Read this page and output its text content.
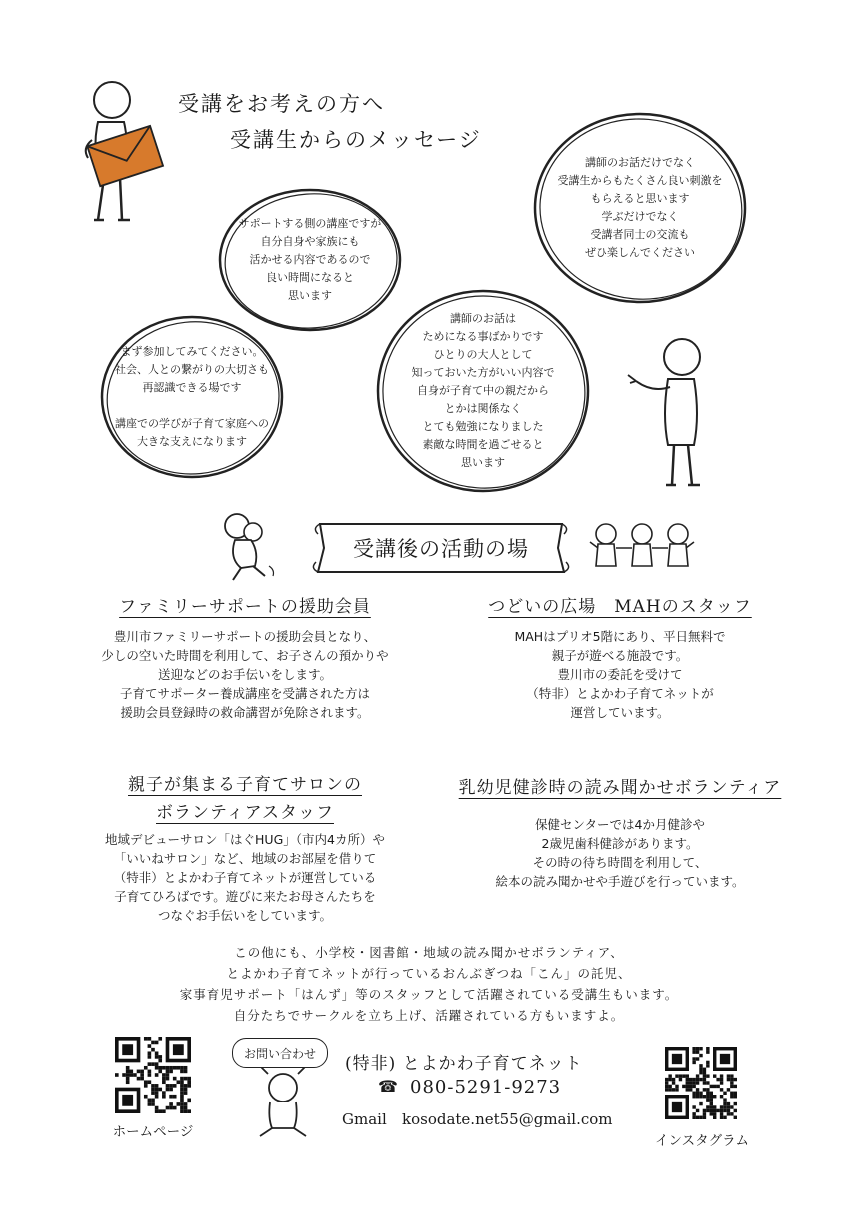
受講をお考えの方へ
受講生からのメッセージ
サポートする側の講座ですが
自分自身や家族にも
活かせる内容であるので
良い時間になると
思います
講師のお話だけでなく
受講生からもたくさん良い刺激を
もらえると思います
学ぶだけでなく
受講者同士の交流も
ぜひ楽しんでください
まず参加してみてください。
社会、人との繋がりの大切さも
再認識できる場です

講座での学びが子育て家庭への
大きな支えになります
講師のお話は
ためになる事ばかりです
ひとりの大人として
知っておいた方がいい内容で
自身が子育て中の親だから
とかは関係なく
とても勉強になりました
素敵な時間を過ごせると
思います
受講後の活動の場
ファミリーサポートの援助会員
豊川市ファミリーサポートの援助会員となり、
少しの空いた時間を利用して、お子さんの預かりや
送迎などのお手伝いをします。
子育てサポーター養成講座を受講された方は
援助会員登録時の救命講習が免除されます。
つどいの広場　MAHのスタッフ
MAHはプリオ5階にあり、平日無料で
親子が遊べる施設です。
豊川市の委託を受けて
（特非）とよかわ子育てネットが
運営しています。
親子が集まる子育てサロンの
ボランティアスタッフ
地域デビューサロン「はぐHUG」（市内4カ所）や
「いいねサロン」など、地域のお部屋を借りて
（特非）とよかわ子育てネットが運営している
子育てひろばです。遊びに来たお母さんたちを
つなぐお手伝いをしています。
乳幼児健診時の読み聞かせボランティア
保健センターでは4か月健診や
2歳児歯科健診があります。
その時の待ち時間を利用して、
絵本の読み聞かせや手遊びを行っています。
この他にも、小学校・図書館・地域の読み聞かせボランティア、
とよかわ子育てネットが行っているおんぶぎつね「こん」の託児、
家事育児サポート「はんず」等のスタッフとして活躍されている受講生もいます。
自分たちでサークルを立ち上げ、活躍されている方もいますよ。
ホームページ
お問い合わせ
(特非) とよかわ子育てネット
☎ 080-5291-9273
Gmail kosodate.net55@gmail.com
インスタグラム
